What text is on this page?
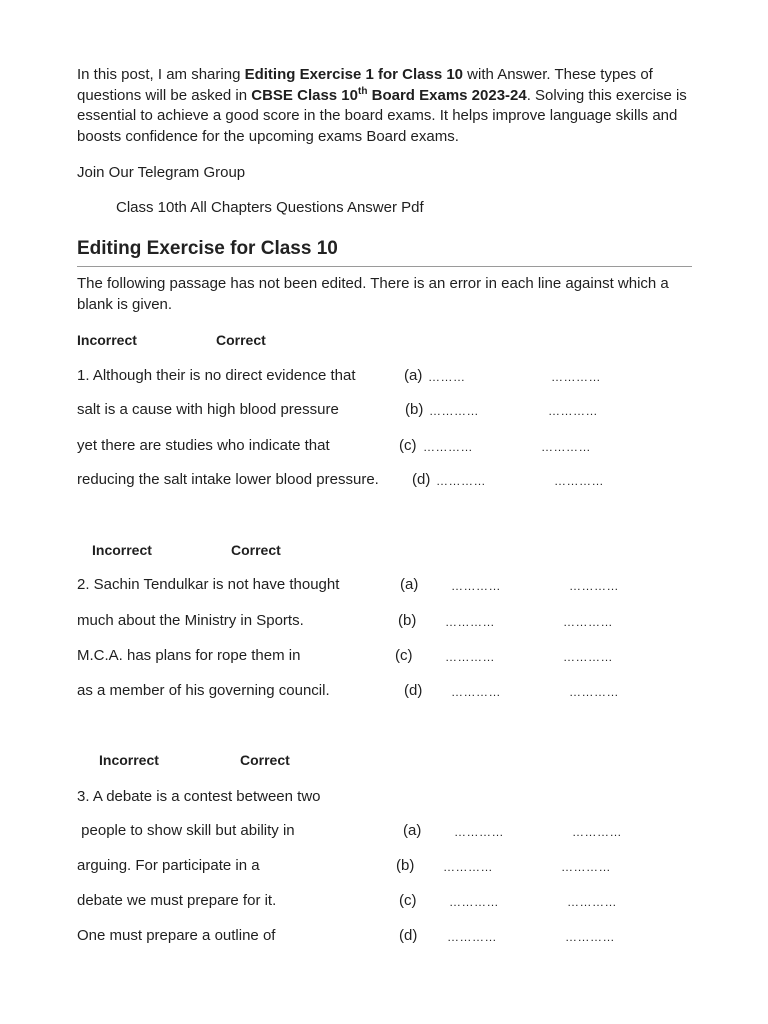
In this post, I am sharing Editing Exercise 1 for Class 10 with Answer. These types of questions will be asked in CBSE Class 10th Board Exams 2023-24. Solving this exercise is essential to achieve a good score in the board exams. It helps improve language skills and boosts confidence for the upcoming exams Board exams.
Join Our Telegram Group
Class 10th All Chapters Questions Answer Pdf
Editing Exercise for Class 10
The following passage has not been edited. There is an error in each line against which a blank is given.
Incorrect	Correct
1. Although their is no direct evidence that	(a) ………	…………
salt is a cause with high blood pressure	(b) …………	…………
yet there are studies who indicate that	(c) …………	…………
reducing the salt intake lower blood pressure. (d) …………	…………
Incorrect	Correct
2. Sachin Tendulkar is not have thought	(a)	…………	…………
much about the Ministry in Sports.	(b) …………	…………
M.C.A. has plans for rope them in	(c)	…………	…………
as a member of his governing council.	(d) …………	…………
Incorrect	Correct
3. A debate is a contest between two
people to show skill but ability in	(a)	…………	…………
arguing. For participate in a	(b) …………	…………
debate we must prepare for it.	(c)	…………	…………
One must prepare a outline of	(d) …………	…………
